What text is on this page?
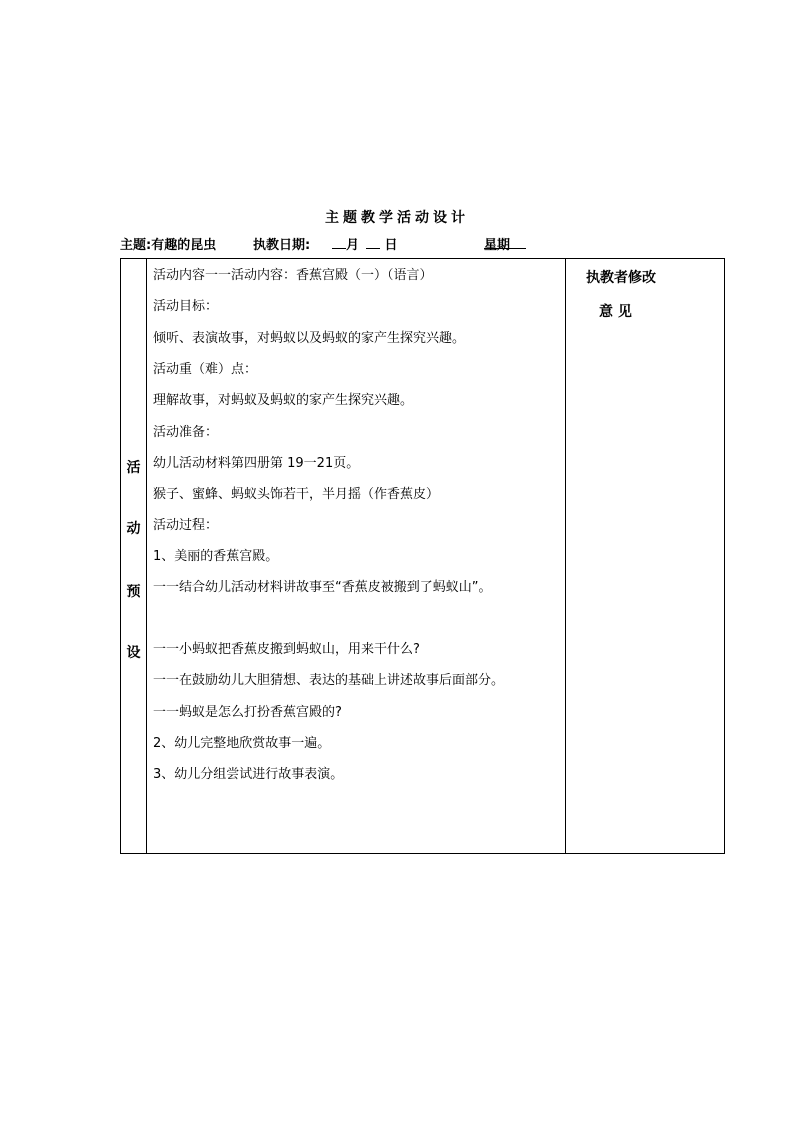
主题教学活动设计
主题:有趣的昆虫	执教日期:	月
日	星期
活
动
预
设
活动内容一一活动内容：香蕉宫殿（一）（语言）
活动目标：
倾听、表演故事，对蚂蚁以及蚂蚁的家产生探究兴趣。
活动重（难）点：
理解故事，对蚂蚁及蚂蚁的家产生探究兴趣。
活动准备：
幼儿活动材料第四册第 19一21页。
猴子、蜜蜂、蚂蚁头饰若干，半月摇（作香蕉皮）
活动过程：
1、美丽的香蕉宫殿。
一一结合幼儿活动材料讲故事至“香蕉皮被搬到了蚂蚁山”。
一一小蚂蚁把香蕉皮搬到蚂蚁山，用来干什么?
一一在鼓励幼儿大胆猜想、表达的基础上讲述故事后面部分。
一一蚂蚁是怎么打扮香蕉宫殿的?
2、幼儿完整地欣赏故事一遍。
3、幼儿分组尝试进行故事表演。
执教者修改
意 见
